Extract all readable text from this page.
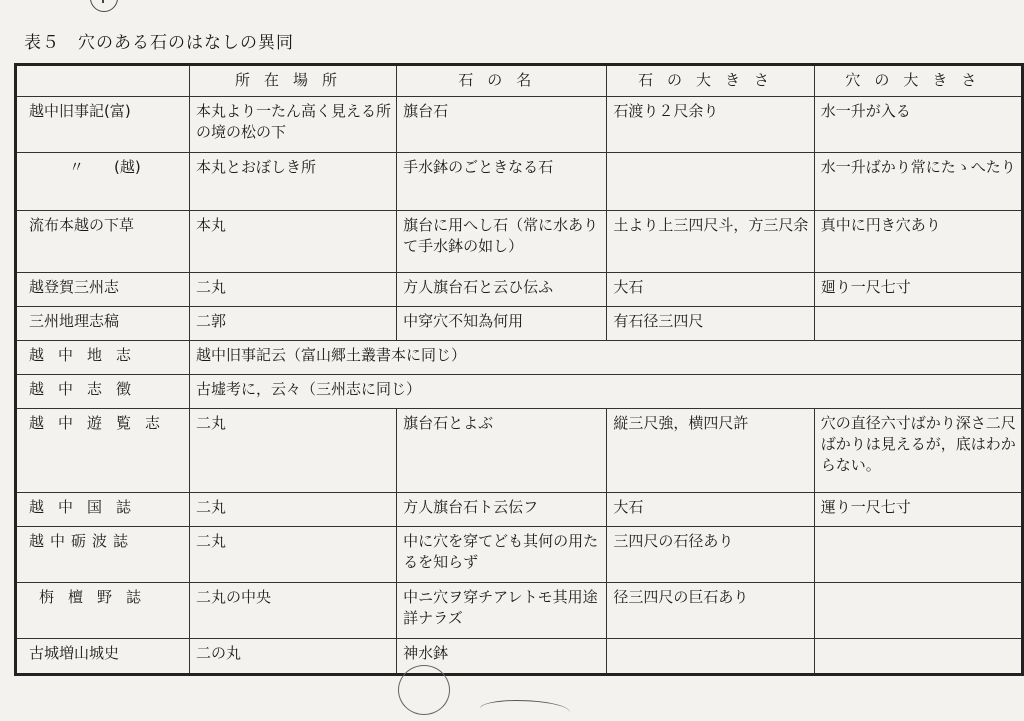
表５ 穴のある石のはなしの異同
	所在場所	石の名	石の大きさ	穴の大きさ
越中旧事記(富)	本丸より一たん高く見える所の境の松の下	旗台石	石渡り２尺余り	水一升が入る
〃　　(越)	本丸とおぼしき所	手水鉢のごときなる石		水一升ばかり常にたゝへたり
流布本越の下草	本丸	旗台に用へし石（常に水ありて手水鉢の如し）	土より上三四尺斗，方三尺余	真中に円き穴あり
越登賀三州志	二丸	方人旗台石と云ひ伝ふ	大石	廻り一尺七寸
三州地理志稿	二郭	中穿穴不知為何用	有石径三四尺	
越中地志	越中旧事記云（富山郷土叢書本に同じ）			
越中志徴	古墟考に，云々（三州志に同じ）			
越中遊覧志	二丸	旗台石とよぶ	縦三尺強，横四尺許	穴の直径六寸ばかり深さ二尺ばかりは見えるが，底はわからない。
越中国誌	二丸	方人旗台石ト云伝フ	大石	運り一尺七寸
越中砺波誌	二丸	中に穴を穿てども其何の用たるを知らず	三四尺の石径あり	
栴檀野誌	二丸の中央	中ニ穴ヲ穿チアレトモ其用途詳ナラズ	径三四尺の巨石あり	
古城増山城史	二の丸	神水鉢		
